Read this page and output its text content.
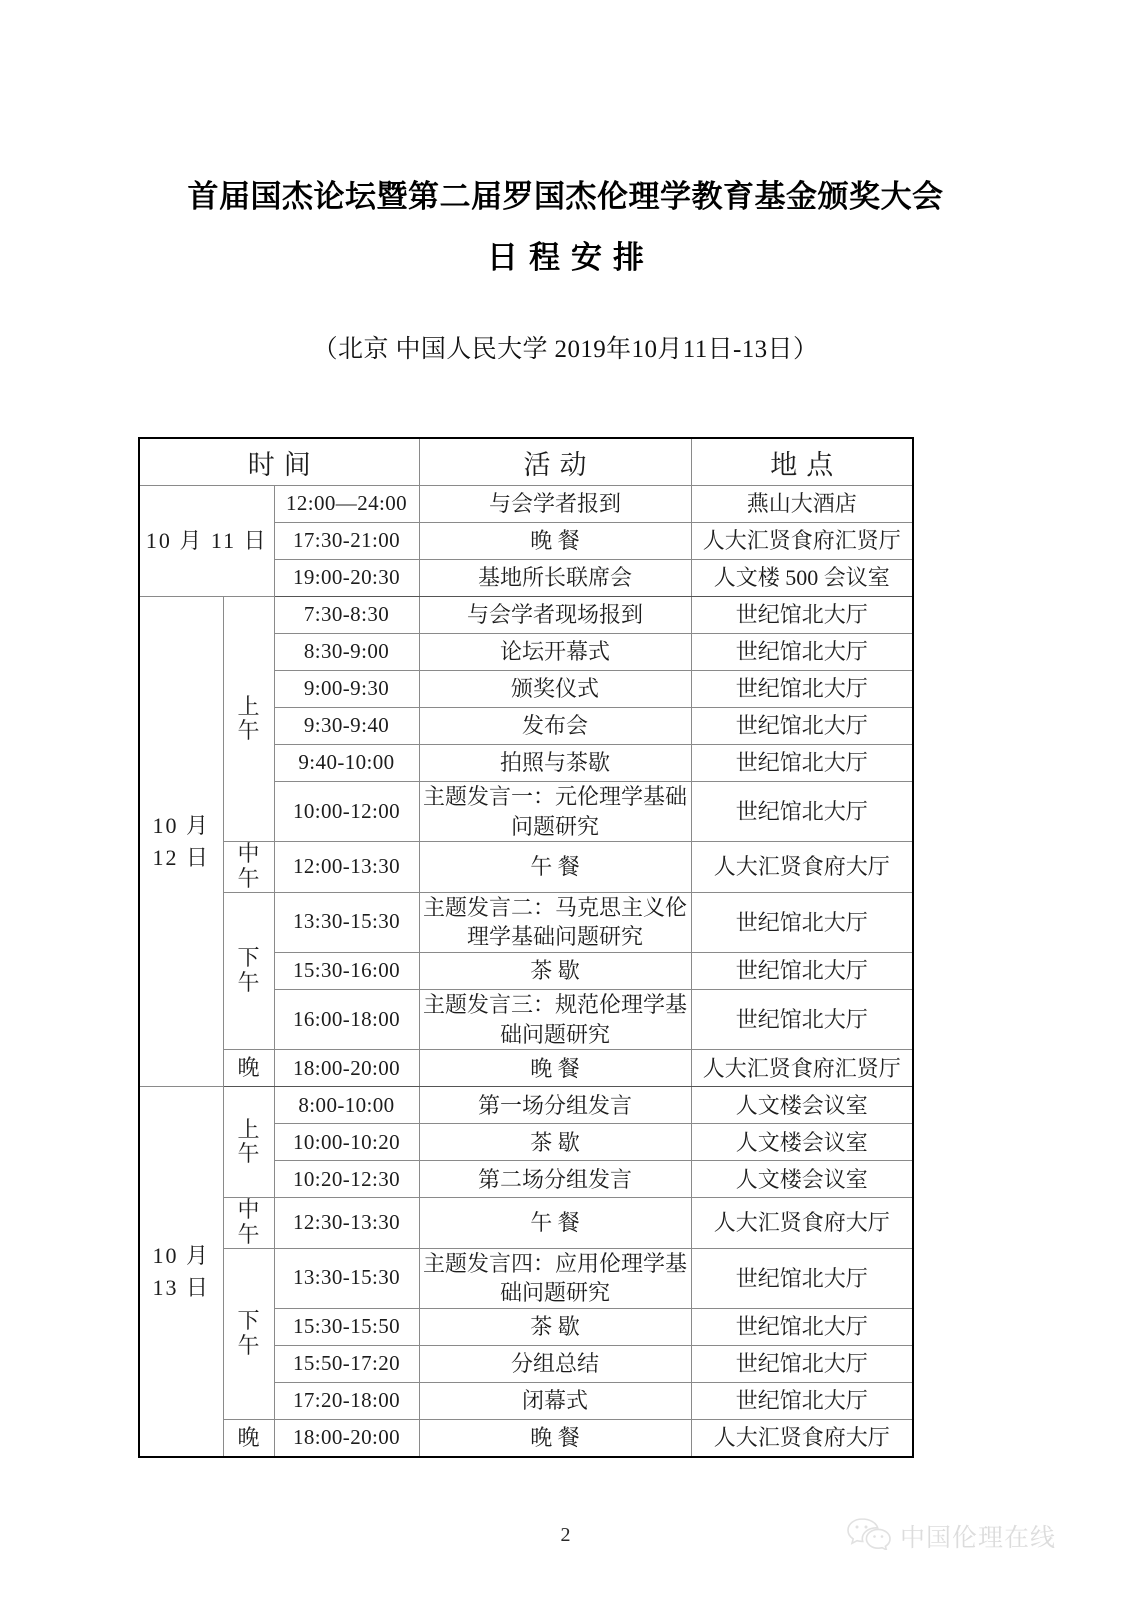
首届国杰论坛暨第二届罗国杰伦理学教育基金颁奖大会
日程安排
（北京 中国人民大学 2019年10月11日-13日）
时间			活动	地点
10 月 11 日		12:00—24:00	与会学者报到	燕山大酒店
		17:30-21:00	晚 餐	人大汇贤食府汇贤厅
		19:00-20:30	基地所长联席会	人文楼 500 会议室
10 月
12 日	上午	7:30-8:30	与会学者现场报到	世纪馆北大厅
		8:30-9:00	论坛开幕式	世纪馆北大厅
		9:00-9:30	颁奖仪式	世纪馆北大厅
		9:30-9:40	发布会	世纪馆北大厅
		9:40-10:00	拍照与茶歇	世纪馆北大厅
		10:00-12:00	主题发言一：元伦理学基础问题研究	世纪馆北大厅

	中午	12:00-13:30	午 餐	人大汇贤食府大厅

	下午	13:30-15:30	主题发言二：马克思主义伦理学基础问题研究	世纪馆北大厅
		15:30-16:00	茶 歇	世纪馆北大厅
		16:00-18:00	主题发言三：规范伦理学基础问题研究	世纪馆北大厅

	晚	18:00-20:00	晚 餐	人大汇贤食府汇贤厅
10 月
13 日	上午	8:00-10:00	第一场分组发言	人文楼会议室
		10:00-10:20	茶 歇	人文楼会议室
		10:20-12:30	第二场分组发言	人文楼会议室

	中午	12:30-13:30	午 餐	人大汇贤食府大厅

	下午	13:30-15:30	主题发言四：应用伦理学基础问题研究	世纪馆北大厅
		15:30-15:50	茶 歇	世纪馆北大厅
		15:50-17:20	分组总结	世纪馆北大厅
		17:20-18:00	闭幕式	世纪馆北大厅

	晚	18:00-20:00	晚 餐	人大汇贤食府大厅
2	中国伦理在线
